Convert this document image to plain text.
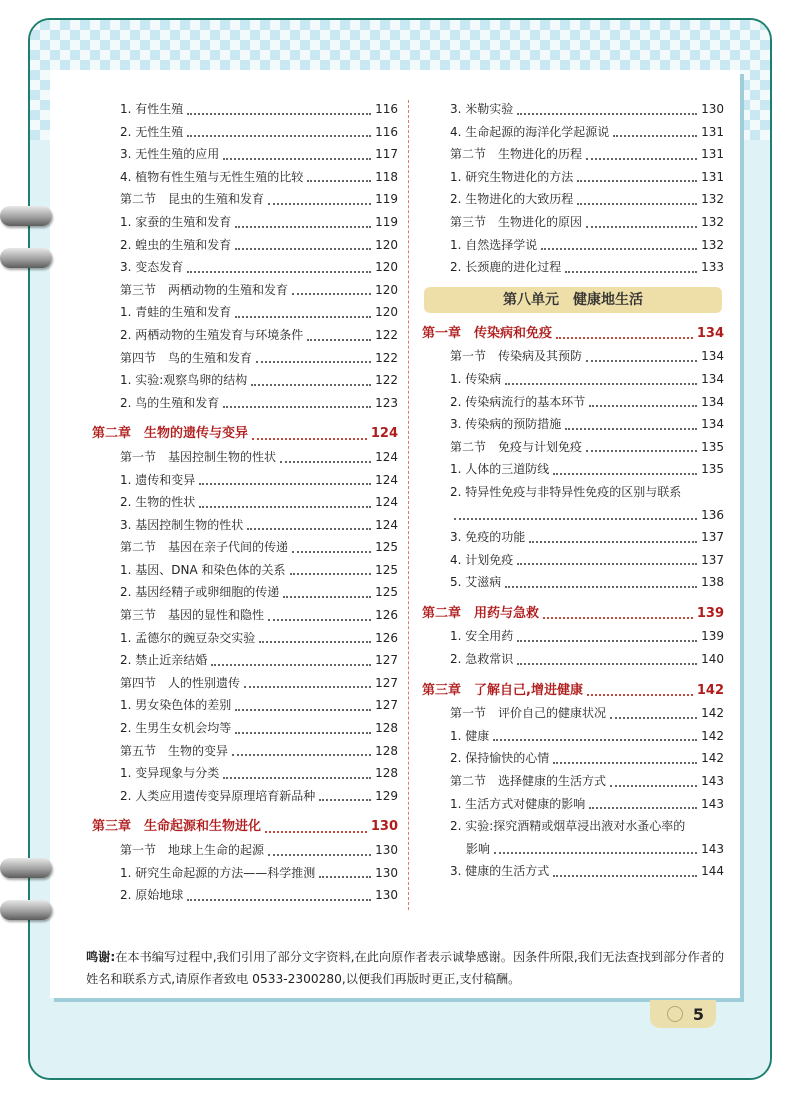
1. 有性生殖	116
2. 无性生殖	116
3. 无性生殖的应用	117
4. 植物有性生殖与无性生殖的比较	118
第二节　昆虫的生殖和发育	119
1. 家蚕的生殖和发育	119
2. 蝗虫的生殖和发育	120
3. 变态发育	120
第三节　两栖动物的生殖和发育	120
1. 青蛙的生殖和发育	120
2. 两栖动物的生殖发育与环境条件	122
第四节　鸟的生殖和发育	122
1. 实验:观察鸟卵的结构	122
2. 鸟的生殖和发育	123
第二章　生物的遗传与变异	124
第一节　基因控制生物的性状	124
1. 遗传和变异	124
2. 生物的性状	124
3. 基因控制生物的性状	124
第二节　基因在亲子代间的传递	125
1. 基因、DNA 和染色体的关系	125
2. 基因经精子或卵细胞的传递	125
第三节　基因的显性和隐性	126
1. 孟德尔的豌豆杂交实验	126
2. 禁止近亲结婚	127
第四节　人的性别遗传	127
1. 男女染色体的差别	127
2. 生男生女机会均等	128
第五节　生物的变异	128
1. 变异现象与分类	128
2. 人类应用遗传变异原理培育新品种	129
第三章　生命起源和生物进化	130
第一节　地球上生命的起源	130
1. 研究生命起源的方法——科学推测	130
2. 原始地球	130
3. 米勒实验	130
4. 生命起源的海洋化学起源说	131
第二节　生物进化的历程	131
1. 研究生物进化的方法	131
2. 生物进化的大致历程	132
第三节　生物进化的原因	132
1. 自然选择学说	132
2. 长颈鹿的进化过程	133
第八单元　健康地生活
第一章　传染病和免疫	134
第一节　传染病及其预防	134
1. 传染病	134
2. 传染病流行的基本环节	134
3. 传染病的预防措施	134
第二节　免疫与计划免疫	135
1. 人体的三道防线	135
2. 特异性免疫与非特异性免疫的区别与联系
136
3. 免疫的功能	137
4. 计划免疫	137
5. 艾滋病	138
第二章　用药与急救	139
1. 安全用药	139
2. 急救常识	140
第三章　了解自己,增进健康	142
第一节　评价自己的健康状况	142
1. 健康	142
2. 保持愉快的心情	142
第二节　选择健康的生活方式	143
1. 生活方式对健康的影响	143
2. 实验:探究酒精或烟草浸出液对水蚤心率的
影响	143
3. 健康的生活方式	144
鸣谢:在本书编写过程中,我们引用了部分文字资料,在此向原作者表示诚挚感谢。因条件所限,我们无法查找到部分作者的姓名和联系方式,请原作者致电 0533-2300280,以便我们再版时更正,支付稿酬。
5
